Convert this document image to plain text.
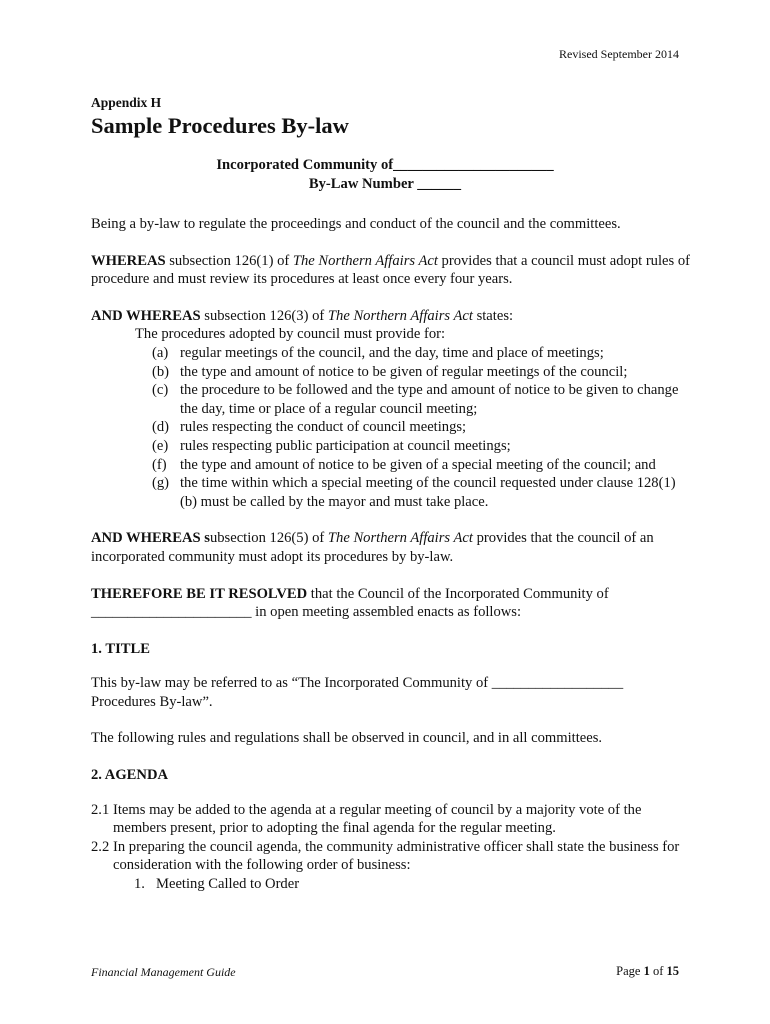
Revised September 2014
Appendix H
Sample Procedures By-law
Incorporated Community of______________________
By-Law Number ______

Being a by-law to regulate the proceedings and conduct of the council and the committees.

WHEREAS subsection 126(1) of The Northern Affairs Act provides that a council must adopt rules of procedure and must review its procedures at least once every four years.

AND WHEREAS subsection 126(3) of The Northern Affairs Act states:

The procedures adopted by council must provide for:

(a) regular meetings of the council, and the day, time and place of meetings;
(b) the type and amount of notice to be given of regular meetings of the council;
(c) the procedure to be followed and the type and amount of notice to be given to change the day, time or place of a regular council meeting;
(d) rules respecting the conduct of council meetings;
(e) rules respecting public participation at council meetings;
(f) the type and amount of notice to be given of a special meeting of the council; and
(g) the time within which a special meeting of the council requested under clause 128(1)(b) must be called by the mayor and must take place.

AND WHEREAS subsection 126(5) of The Northern Affairs Act provides that the council of an incorporated community must adopt its procedures by by-law.

THEREFORE BE IT RESOLVED that the Council of the Incorporated Community of ______________________ in open meeting assembled enacts as follows:

1. TITLE

This by-law may be referred to as “The Incorporated Community of __________________ Procedures By-law”.

The following rules and regulations shall be observed in council, and in all committees.

2. AGENDA

2.1 Items may be added to the agenda at a regular meeting of council by a majority vote of the members present, prior to adopting the final agenda for the regular meeting.
2.2 In preparing the council agenda, the community administrative officer shall state the business for consideration with the following order of business:
1. Meeting Called to Order
Financial Management Guide	Page 1 of 15
